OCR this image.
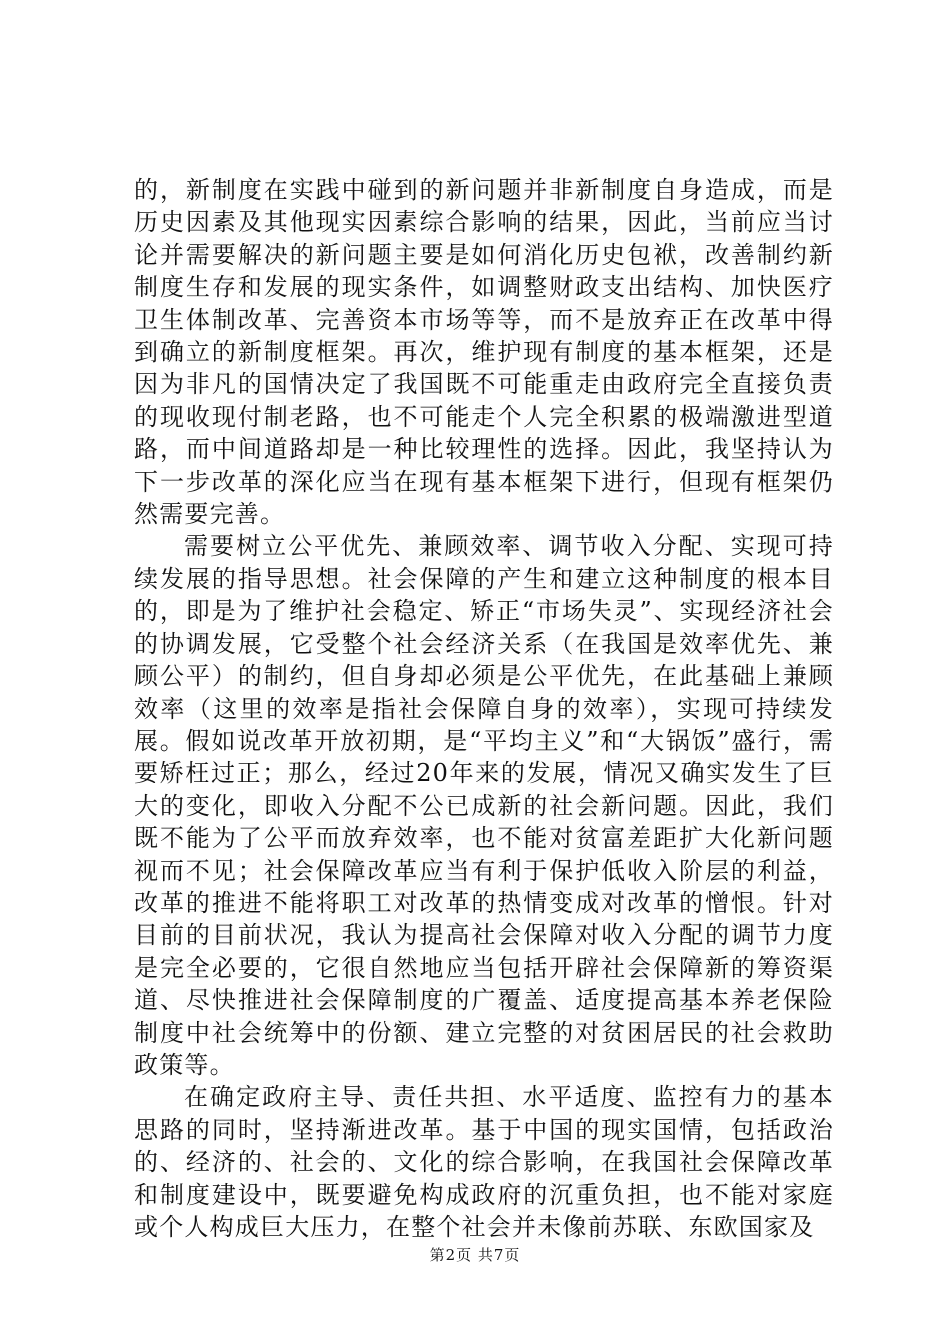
的，新制度在实践中碰到的新问题并非新制度自身造成，而是历史因素及其他现实因素综合影响的结果，因此，当前应当讨论并需要解决的新问题主要是如何消化历史包袱，改善制约新制度生存和发展的现实条件，如调整财政支出结构、加快医疗卫生体制改革、完善资本市场等等，而不是放弃正在改革中得到确立的新制度框架。再次，维护现有制度的基本框架，还是因为非凡的国情决定了我国既不可能重走由政府完全直接负责的现收现付制老路，也不可能走个人完全积累的极端激进型道路，而中间道路却是一种比较理性的选择。因此，我坚持认为下一步改革的深化应当在现有基本框架下进行，但现有框架仍然需要完善。

需要树立公平优先、兼顾效率、调节收入分配、实现可持续发展的指导思想。社会保障的产生和建立这种制度的根本目的，即是为了维护社会稳定、矫正“市场失灵”、实现经济社会的协调发展，它受整个社会经济关系（在我国是效率优先、兼顾公平）的制约，但自身却必须是公平优先，在此基础上兼顾效率（这里的效率是指社会保障自身的效率），实现可持续发展。假如说改革开放初期，是“平均主义”和“大锅饭”盛行，需要矫枉过正；那么，经过20年来的发展，情况又确实发生了巨大的变化，即收入分配不公已成新的社会新问题。因此，我们既不能为了公平而放弃效率，也不能对贫富差距扩大化新问题视而不见；社会保障改革应当有利于保护低收入阶层的利益，改革的推进不能将职工对改革的热情变成对改革的憎恨。针对目前的目前状况，我认为提高社会保障对收入分配的调节力度是完全必要的，它很自然地应当包括开辟社会保障新的筹资渠道、尽快推进社会保障制度的广覆盖、适度提高基本养老保险制度中社会统筹中的份额、建立完整的对贫困居民的社会救助政策等。

在确定政府主导、责任共担、水平适度、监控有力的基本思路的同时，坚持渐进改革。基于中国的现实国情，包括政治的、经济的、社会的、文化的综合影响，在我国社会保障改革和制度建设中，既要避免构成政府的沉重负担，也不能对家庭或个人构成巨大压力，在整个社会并未像前苏联、东欧国家及

第2页 共7页
